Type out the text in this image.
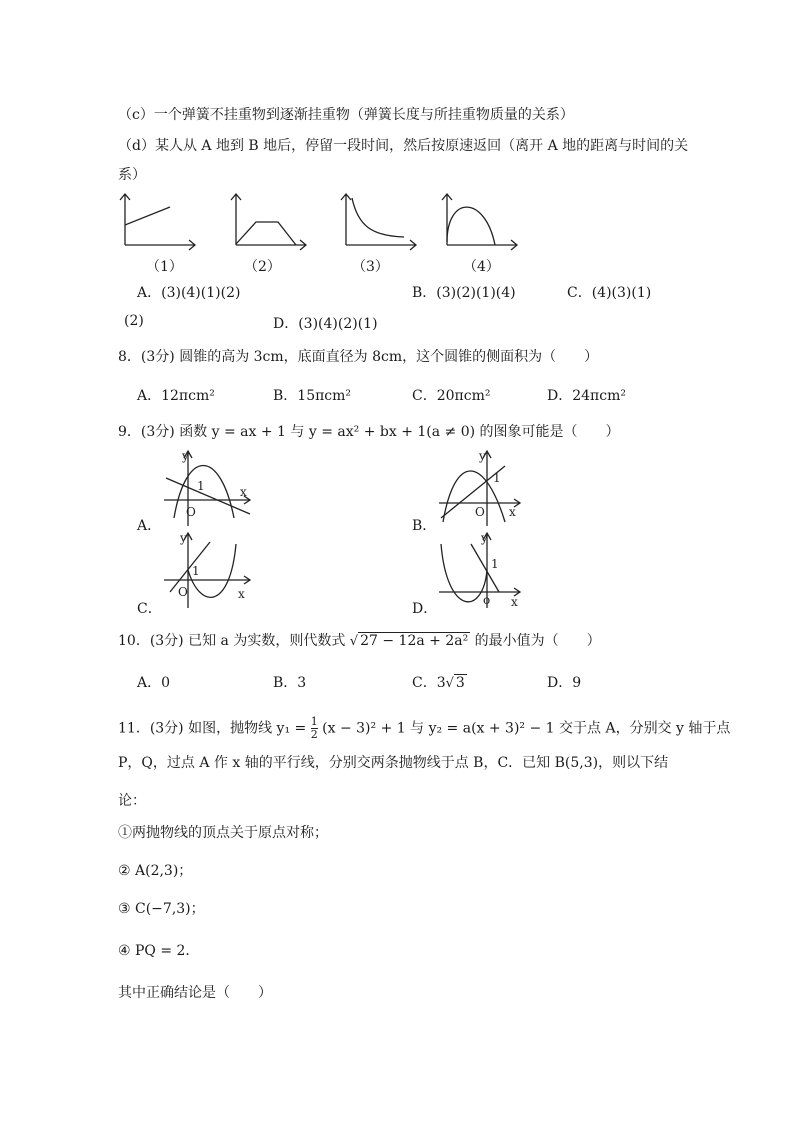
（c）一个弹簧不挂重物到逐渐挂重物（弹簧长度与所挂重物质量的关系）
（d）某人从 A 地到 B 地后，停留一段时间，然后按原速返回（离开 A 地的距离与时间的关
系）
（1）	（2）	（3）	（4）
A．(3)(4)(1)(2)	B．(3)(2)(1)(4)	C．(4)(3)(1)
(2)	D．(3)(4)(2)(1)
8．(3分) 圆锥的高为 3cm，底面直径为 8cm，这个圆锥的侧面积为（　　）
A．12πcm²	B．15πcm²	C．20πcm²	D．24πcm²
9．(3分) 函数 y = ax + 1 与 y = ax² + bx + 1(a ≠ 0) 的图象可能是（　　）
A．
y
x
1
O
B．
y
x
1
O
C．
y
x
1
O
D．
y
x
1
o
10．(3分) 已知 a 为实数，则代数式 √ 27 − 12a + 2a² 的最小值为（　　）
A．0	B．3	C．3√ 3	D．9
11．(3分) 如图，抛物线 $y_1 = \frac{1}{2} (x - 3)^2 + 1$ 与 y₂ = a(x + 3)² − 1 交于点 A，分别交 y 轴于点
P，Q，过点 A 作 x 轴的平行线，分别交两条抛物线于点 B，C．已知 B(5,3)，则以下结
论：
①两抛物线的顶点关于原点对称；
② A(2,3)；
③ C(−7,3)；
④ PQ = 2．
其中正确结论是（　　）
